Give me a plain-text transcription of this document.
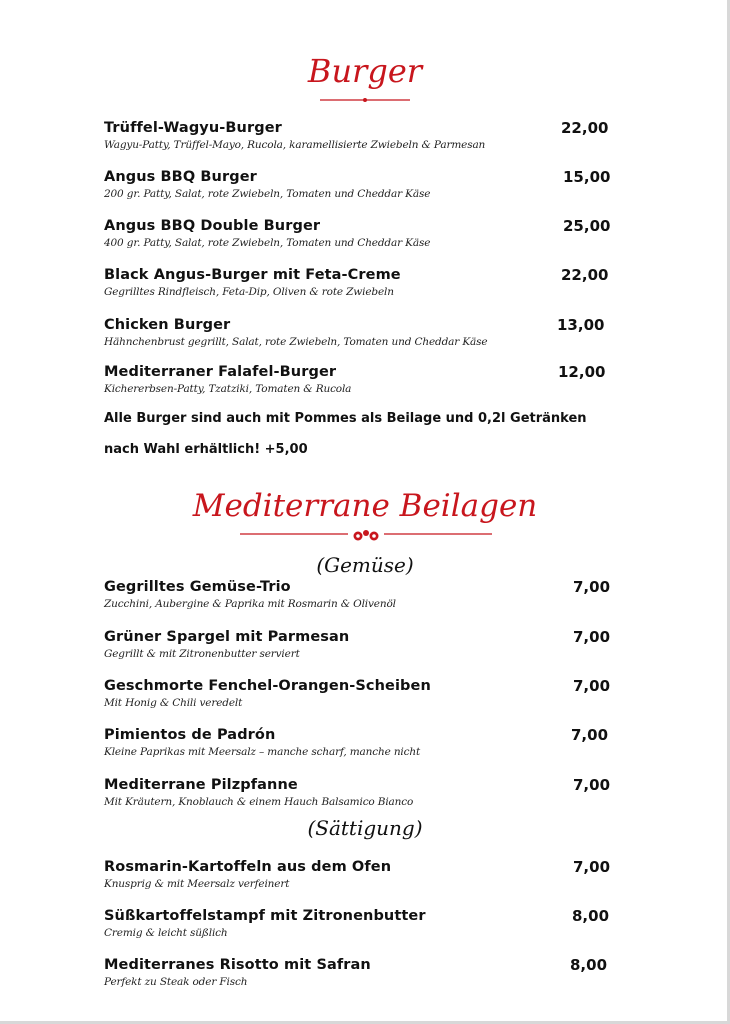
Burger
Trüffel-Wagyu-Burger
Wagyu-Patty, Trüffel-Mayo, Rucola, karamellisierte Zwiebeln & Parmesan
22,00
Angus BBQ Burger
200 gr. Patty, Salat, rote Zwiebeln, Tomaten und Cheddar Käse
15,00
Angus BBQ Double Burger
400 gr. Patty, Salat, rote Zwiebeln, Tomaten und Cheddar Käse
25,00
Black Angus-Burger mit Feta-Creme
Gegrilltes Rindfleisch, Feta-Dip, Oliven & rote Zwiebeln
22,00
Chicken Burger
Hähnchenbrust gegrillt, Salat, rote Zwiebeln, Tomaten und Cheddar Käse
13,00
Mediterraner Falafel-Burger
Kichererbsen-Patty, Tzatziki, Tomaten & Rucola
12,00
Alle Burger sind auch mit Pommes als Beilage und 0,2l Getränken
nach Wahl erhältlich! +5,00
Mediterrane Beilagen
(Gemüse)
Gegrilltes Gemüse-Trio
Zucchini, Aubergine & Paprika mit Rosmarin & Olivenöl
7,00
Grüner Spargel mit Parmesan
Gegrillt & mit Zitronenbutter serviert
7,00
Geschmorte Fenchel-Orangen-Scheiben
Mit Honig & Chili veredelt
7,00
Pimientos de Padrón
Kleine Paprikas mit Meersalz – manche scharf, manche nicht
7,00
Mediterrane Pilzpfanne
Mit Kräutern, Knoblauch & einem Hauch Balsamico Bianco
7,00
(Sättigung)
Rosmarin-Kartoffeln aus dem Ofen
Knusprig & mit Meersalz verfeinert
7,00
Süßkartoffelstampf mit Zitronenbutter
Cremig & leicht süßlich
8,00
Mediterranes Risotto mit Safran
Perfekt zu Steak oder Fisch
8,00
